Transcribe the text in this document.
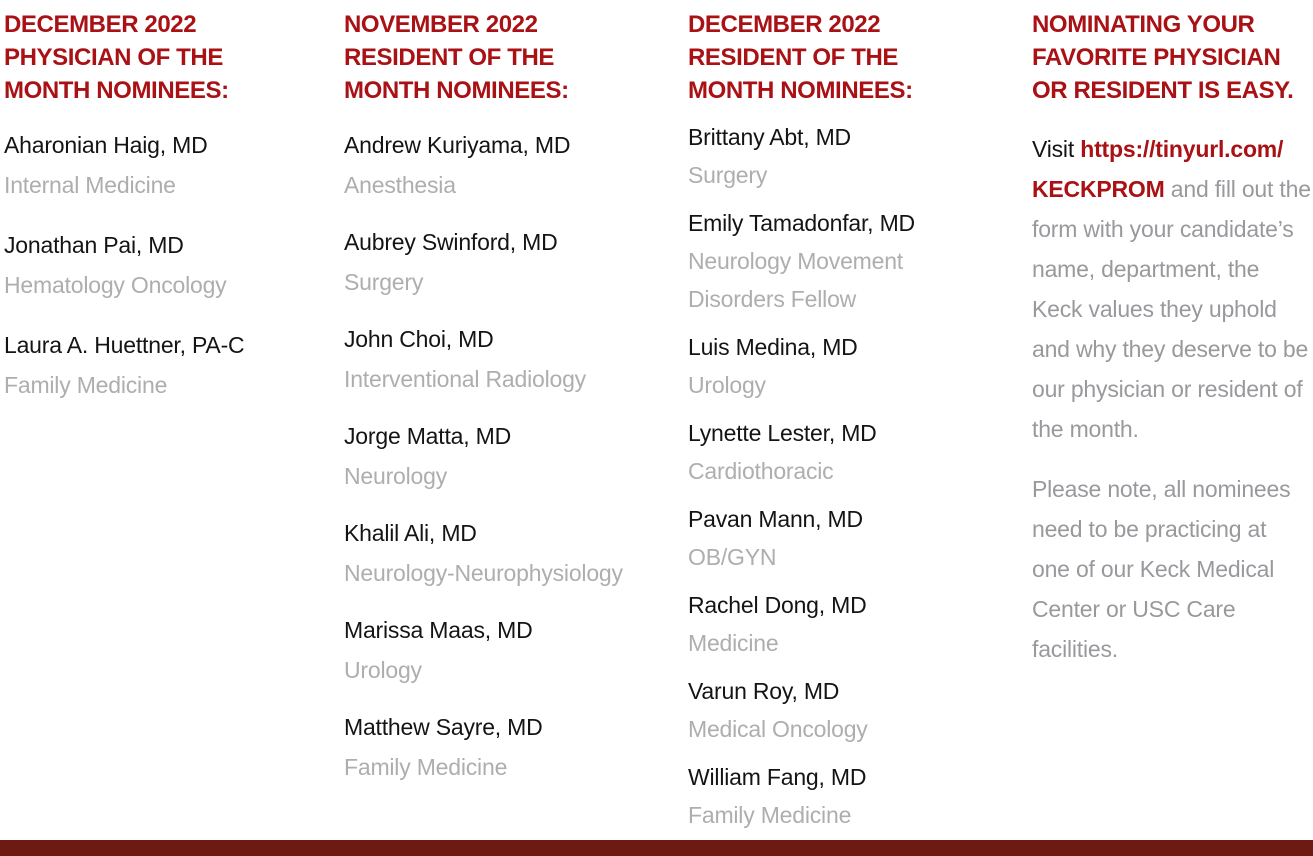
DECEMBER 2022
PHYSICIAN OF THE
MONTH NOMINEES:
Aharonian Haig, MD
Internal Medicine
Jonathan Pai, MD
Hematology Oncology
Laura A. Huettner, PA-C
Family Medicine
NOVEMBER 2022
RESIDENT OF THE
MONTH NOMINEES:
Andrew Kuriyama, MD
Anesthesia
Aubrey Swinford, MD
Surgery
John Choi, MD
Interventional Radiology
Jorge Matta, MD
Neurology
Khalil Ali, MD
Neurology-Neurophysiology
Marissa Maas, MD
Urology
Matthew Sayre, MD
Family Medicine
DECEMBER 2022
RESIDENT OF THE
MONTH NOMINEES:
Brittany Abt, MD
Surgery
Emily Tamadonfar, MD
Neurology Movement Disorders Fellow
Luis Medina, MD
Urology
Lynette Lester, MD
Cardiothoracic
Pavan Mann, MD
OB/GYN
Rachel Dong, MD
Medicine
Varun Roy, MD
Medical Oncology
William Fang, MD
Family Medicine
NOMINATING YOUR
FAVORITE PHYSICIAN
OR RESIDENT IS EASY.
Visit https://tinyurl.com/
KECKPROM and fill out the
form with your candidate’s
name, department, the
Keck values they uphold
and why they deserve to be
our physician or resident of
the month.
Please note, all nominees
need to be practicing at
one of our Keck Medical
Center or USC Care
facilities.
